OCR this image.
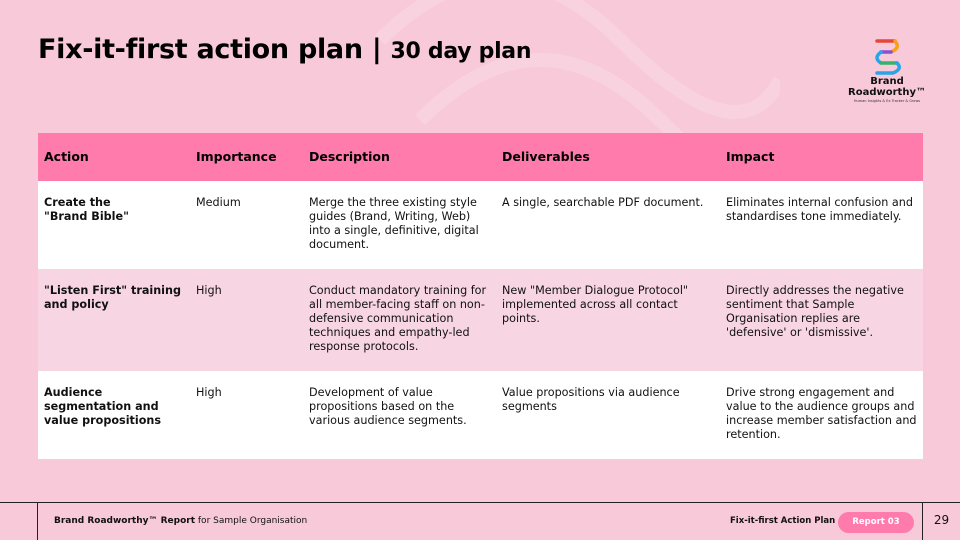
Fix-it-first action plan | 30 day plan
Brand
Roadworthy™
Human Insights & Ex Tracker & Grows
Action	Importance	Description	Deliverables	Impact
Create the
"Brand Bible"	Medium	Merge the three existing style guides (Brand, Writing, Web) into a single, definitive, digital document.	A single, searchable PDF document.	Eliminates internal confusion and standardises tone immediately.
"Listen First" training and policy	High	Conduct mandatory training for all member-facing staff on non-defensive communication techniques and empathy-led response protocols.	New "Member Dialogue Protocol" implemented across all contact points.	Directly addresses the negative sentiment that Sample Organisation replies are 'defensive' or 'dismissive'.
Audience segmentation and value propositions	High	Development of value propositions based on the various audience segments.	Value propositions via audience segments	Drive strong engagement and value to the audience groups and increase member satisfaction and retention.
Brand Roadworthy™ Report for Sample Organisation	Fix-it-first Action Plan	Report 03	29
